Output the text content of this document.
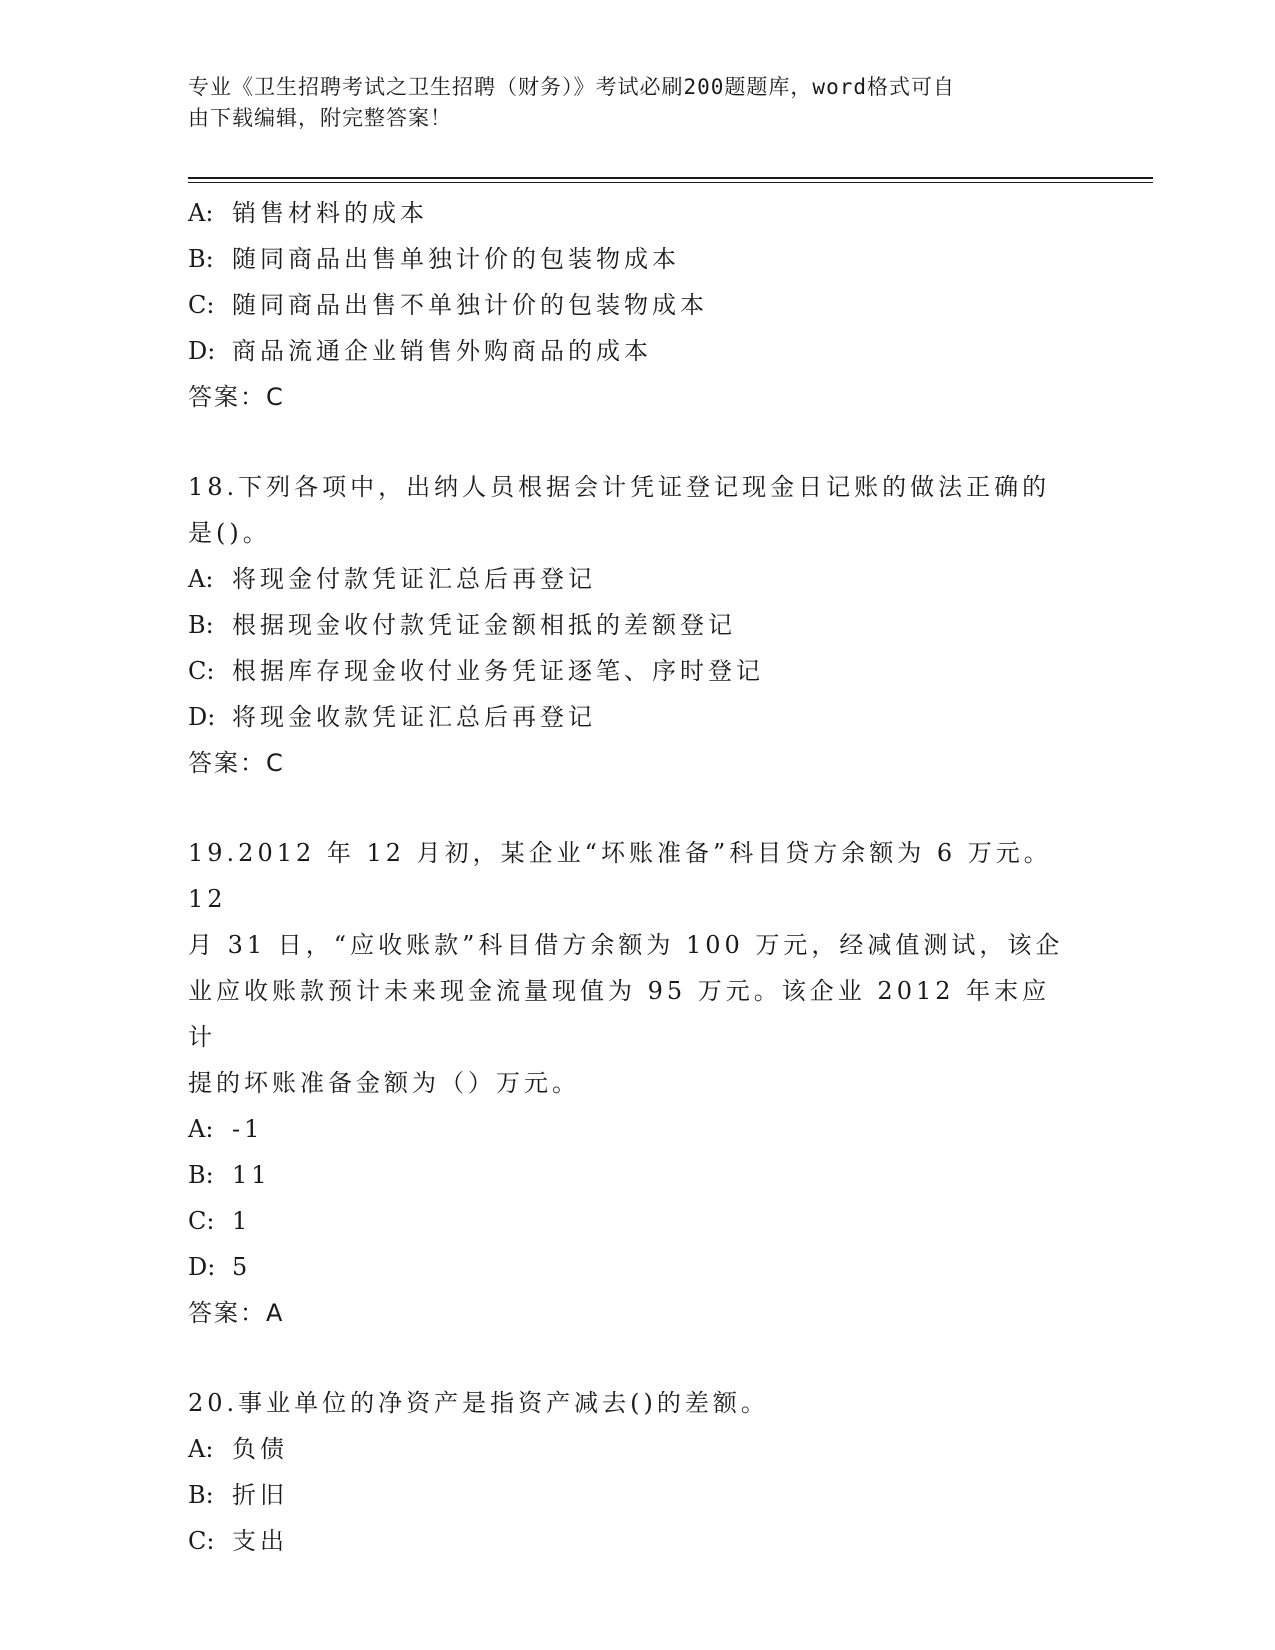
专业《卫生招聘考试之卫生招聘（财务）》考试必刷200题题库，word格式可自
由下载编辑，附完整答案！
A: 销售材料的成本
B: 随同商品出售单独计价的包装物成本
C: 随同商品出售不单独计价的包装物成本
D: 商品流通企业销售外购商品的成本
答案：C
18.下列各项中，出纳人员根据会计凭证登记现金日记账的做法正确的
是()。
A: 将现金付款凭证汇总后再登记
B: 根据现金收付款凭证金额相抵的差额登记
C: 根据库存现金收付业务凭证逐笔、序时登记
D: 将现金收款凭证汇总后再登记
答案：C
19.2012 年 12 月初，某企业“坏账准备”科目贷方余额为 6 万元。12
月 31 日，“应收账款”科目借方余额为 100 万元，经减值测试，该企
业应收账款预计未来现金流量现值为 95 万元。该企业 2012 年末应计
提的坏账准备金额为（）万元。
A: -1
B: 11
C: 1
D: 5
答案：A
20.事业单位的净资产是指资产减去()的差额。
A: 负债
B: 折旧
C: 支出
